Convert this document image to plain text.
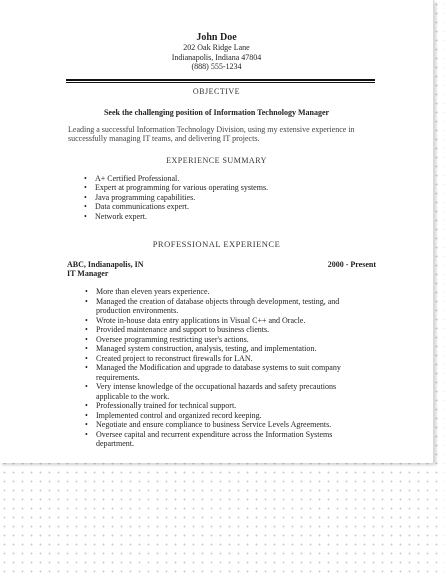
John Doe
202 Oak Ridge Lane
Indianapolis, Indiana 47804
(888) 555-1234
OBJECTIVE
Seek the challenging position of Information Technology Manager
Leading a successful Information Technology Division, using my extensive experience in successfully managing IT teams, and delivering IT projects.
EXPERIENCE SUMMARY
• A+ Certified Professional.
• Expert at programming for various operating systems.
• Java programming capabilities.
• Data communications expert.
• Network expert.
PROFESSIONAL EXPERIENCE
ABC, Indianapolis, IN	2000 - Present
IT Manager
• More than eleven years experience.
• Managed the creation of database objects through development, testing, and production environments.
• Wrote in-house data entry applications in Visual C++ and Oracle.
• Provided maintenance and support to business clients.
• Oversee programming restricting user's actions.
• Managed system construction, analysis, testing, and implementation.
• Created project to reconstruct firewalls for LAN.
• Managed the Modification and upgrade to database systems to suit company requirements.
• Very intense knowledge of the occupational hazards and safety precautions applicable to the work.
• Professionally trained for technical support.
• Implemented control and organized record keeping.
• Negotiate and ensure compliance to business Service Levels Agreements.
• Oversee capital and recurrent expenditure across the Information Systems department.
